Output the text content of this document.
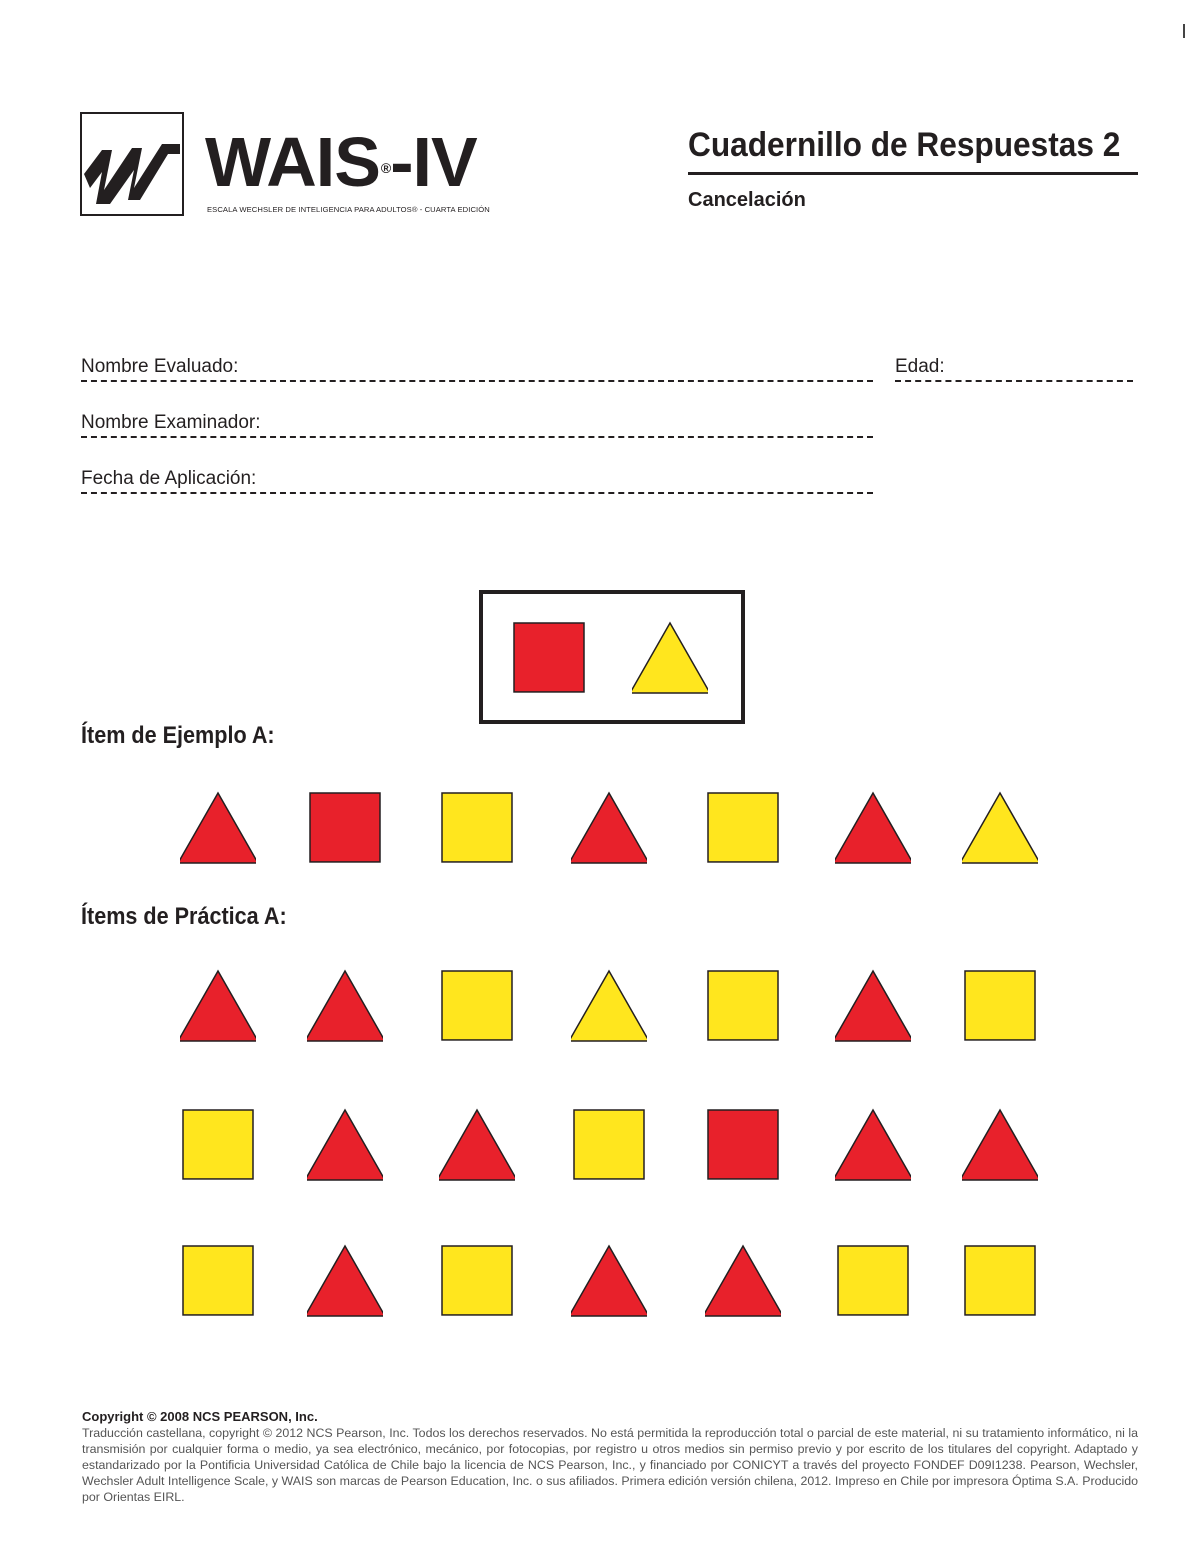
WAIS®-IV
ESCALA WECHSLER DE INTELIGENCIA PARA ADULTOS® - CUARTA EDICIÓN
Cuadernillo de Respuestas 2
Cancelación
Nombre Evaluado:	Edad:
Nombre Examinador:
Fecha de Aplicación:
Ítem de Ejemplo A:
Ítems de Práctica A:
Copyright © 2008 NCS PEARSON, Inc.

Traducción castellana, copyright © 2012 NCS Pearson, Inc. Todos los derechos reservados. No está permitida la reproducción total o parcial de este material, ni su tratamiento informático, ni la transmisión por cualquier forma o medio, ya sea electrónico, mecánico, por fotocopias, por registro u otros medios sin permiso previo y por escrito de los titulares del copyright. Adaptado y estandarizado por la Pontificia Universidad Católica de Chile bajo la licencia de NCS Pearson, Inc., y financiado por CONICYT a través del proyecto FONDEF D09I1238. Pearson, Wechsler, Wechsler Adult Intelligence Scale, y WAIS son marcas de Pearson Education, Inc. o sus afiliados. Primera edición versión chilena, 2012. Impreso en Chile por impresora Óptima S.A. Producido por Orientas EIRL.
